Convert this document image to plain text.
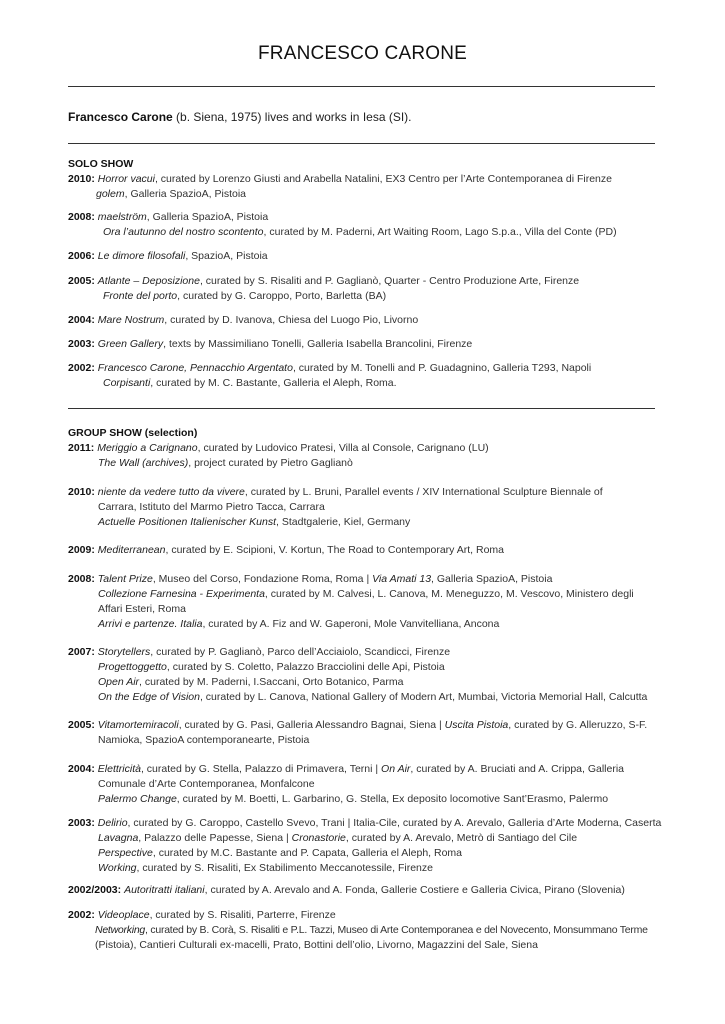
FRANCESCO CARONE
Francesco Carone (b. Siena, 1975) lives and works in Iesa (SI).
SOLO SHOW
2010: Horror vacui, curated by Lorenzo Giusti and Arabella Natalini, EX3 Centro per l’Arte Contemporanea di Firenze
golem, Galleria SpazioA, Pistoia
2008: maelström, Galleria SpazioA, Pistoia
Ora l’autunno del nostro scontento, curated by M. Paderni, Art Waiting Room, Lago S.p.a., Villa del Conte (PD)
2006: Le dimore filosofali, SpazioA, Pistoia
2005: Atlante – Deposizione, curated by S. Risaliti and P. Gaglianò, Quarter - Centro Produzione Arte, Firenze
Fronte del porto, curated by G. Caroppo, Porto, Barletta (BA)
2004: Mare Nostrum, curated by D. Ivanova, Chiesa del Luogo Pio, Livorno
2003: Green Gallery, texts by Massimiliano Tonelli, Galleria Isabella Brancolini, Firenze
2002: Francesco Carone, Pennacchio Argentato, curated by M. Tonelli and P. Guadagnino, Galleria T293, Napoli
Corpisanti, curated by M. C. Bastante, Galleria el Aleph, Roma.
GROUP SHOW (selection)
2011: Meriggio a Carignano, curated by Ludovico Pratesi, Villa al Console, Carignano (LU)
The Wall (archives), project curated by Pietro Gaglianò
2010: niente da vedere tutto da vivere, curated by L. Bruni, Parallel events / XIV International Sculpture Biennale of
Carrara, Istituto del Marmo Pietro Tacca, Carrara
Actuelle Positionen Italienischer Kunst, Stadtgalerie, Kiel, Germany
2009: Mediterranean, curated by E. Scipioni, V. Kortun, The Road to Contemporary Art, Roma
2008: Talent Prize, Museo del Corso, Fondazione Roma, Roma | Via Amati 13, Galleria SpazioA, Pistoia
Collezione Farnesina - Experimenta, curated by M. Calvesi, L. Canova, M. Meneguzzo, M. Vescovo, Ministero degli
Affari Esteri, Roma
Arrivi e partenze. Italia, curated by A. Fiz and W. Gaperoni, Mole Vanvitelliana, Ancona
2007: Storytellers, curated by P. Gaglianò, Parco dell’Acciaiolo, Scandicci, Firenze
Progettoggetto, curated by S. Coletto, Palazzo Bracciolini delle Api, Pistoia
Open Air, curated by M. Paderni, I.Saccani, Orto Botanico, Parma
On the Edge of Vision, curated by L. Canova, National Gallery of Modern Art, Mumbai, Victoria Memorial Hall, Calcutta
2005: Vitamortemiracoli, curated by G. Pasi, Galleria Alessandro Bagnai, Siena | Uscita Pistoia, curated by G. Alleruzzo, S-F.
Namioka, SpazioA contemporanearte, Pistoia
2004: Elettricità, curated by G. Stella, Palazzo di Primavera, Terni | On Air, curated by A. Bruciati and A. Crippa, Galleria
Comunale d’Arte Contemporanea, Monfalcone
Palermo Change, curated by M. Boetti, L. Garbarino, G. Stella, Ex deposito locomotive Sant’Erasmo, Palermo
2003: Delirio, curated by G. Caroppo, Castello Svevo, Trani | Italia-Cile, curated by A. Arevalo, Galleria d’Arte Moderna, Caserta
Lavagna, Palazzo delle Papesse, Siena | Cronastorie, curated by A. Arevalo, Metrò di Santiago del Cile
Perspective, curated by M.C. Bastante and P. Capata, Galleria el Aleph, Roma
Working, curated by S. Risaliti, Ex Stabilimento Meccanotessile, Firenze
2002/2003: Autoritratti italiani, curated by A. Arevalo and A. Fonda, Gallerie Costiere e Galleria Civica, Pirano (Slovenia)
2002: Videoplace, curated by S. Risaliti, Parterre, Firenze
Networking, curated by B. Corà, S. Risaliti e P.L. Tazzi, Museo di Arte Contemporanea e del Novecento, Monsummano Terme
(Pistoia), Cantieri Culturali ex-macelli, Prato, Bottini dell’olio, Livorno, Magazzini del Sale, Siena
